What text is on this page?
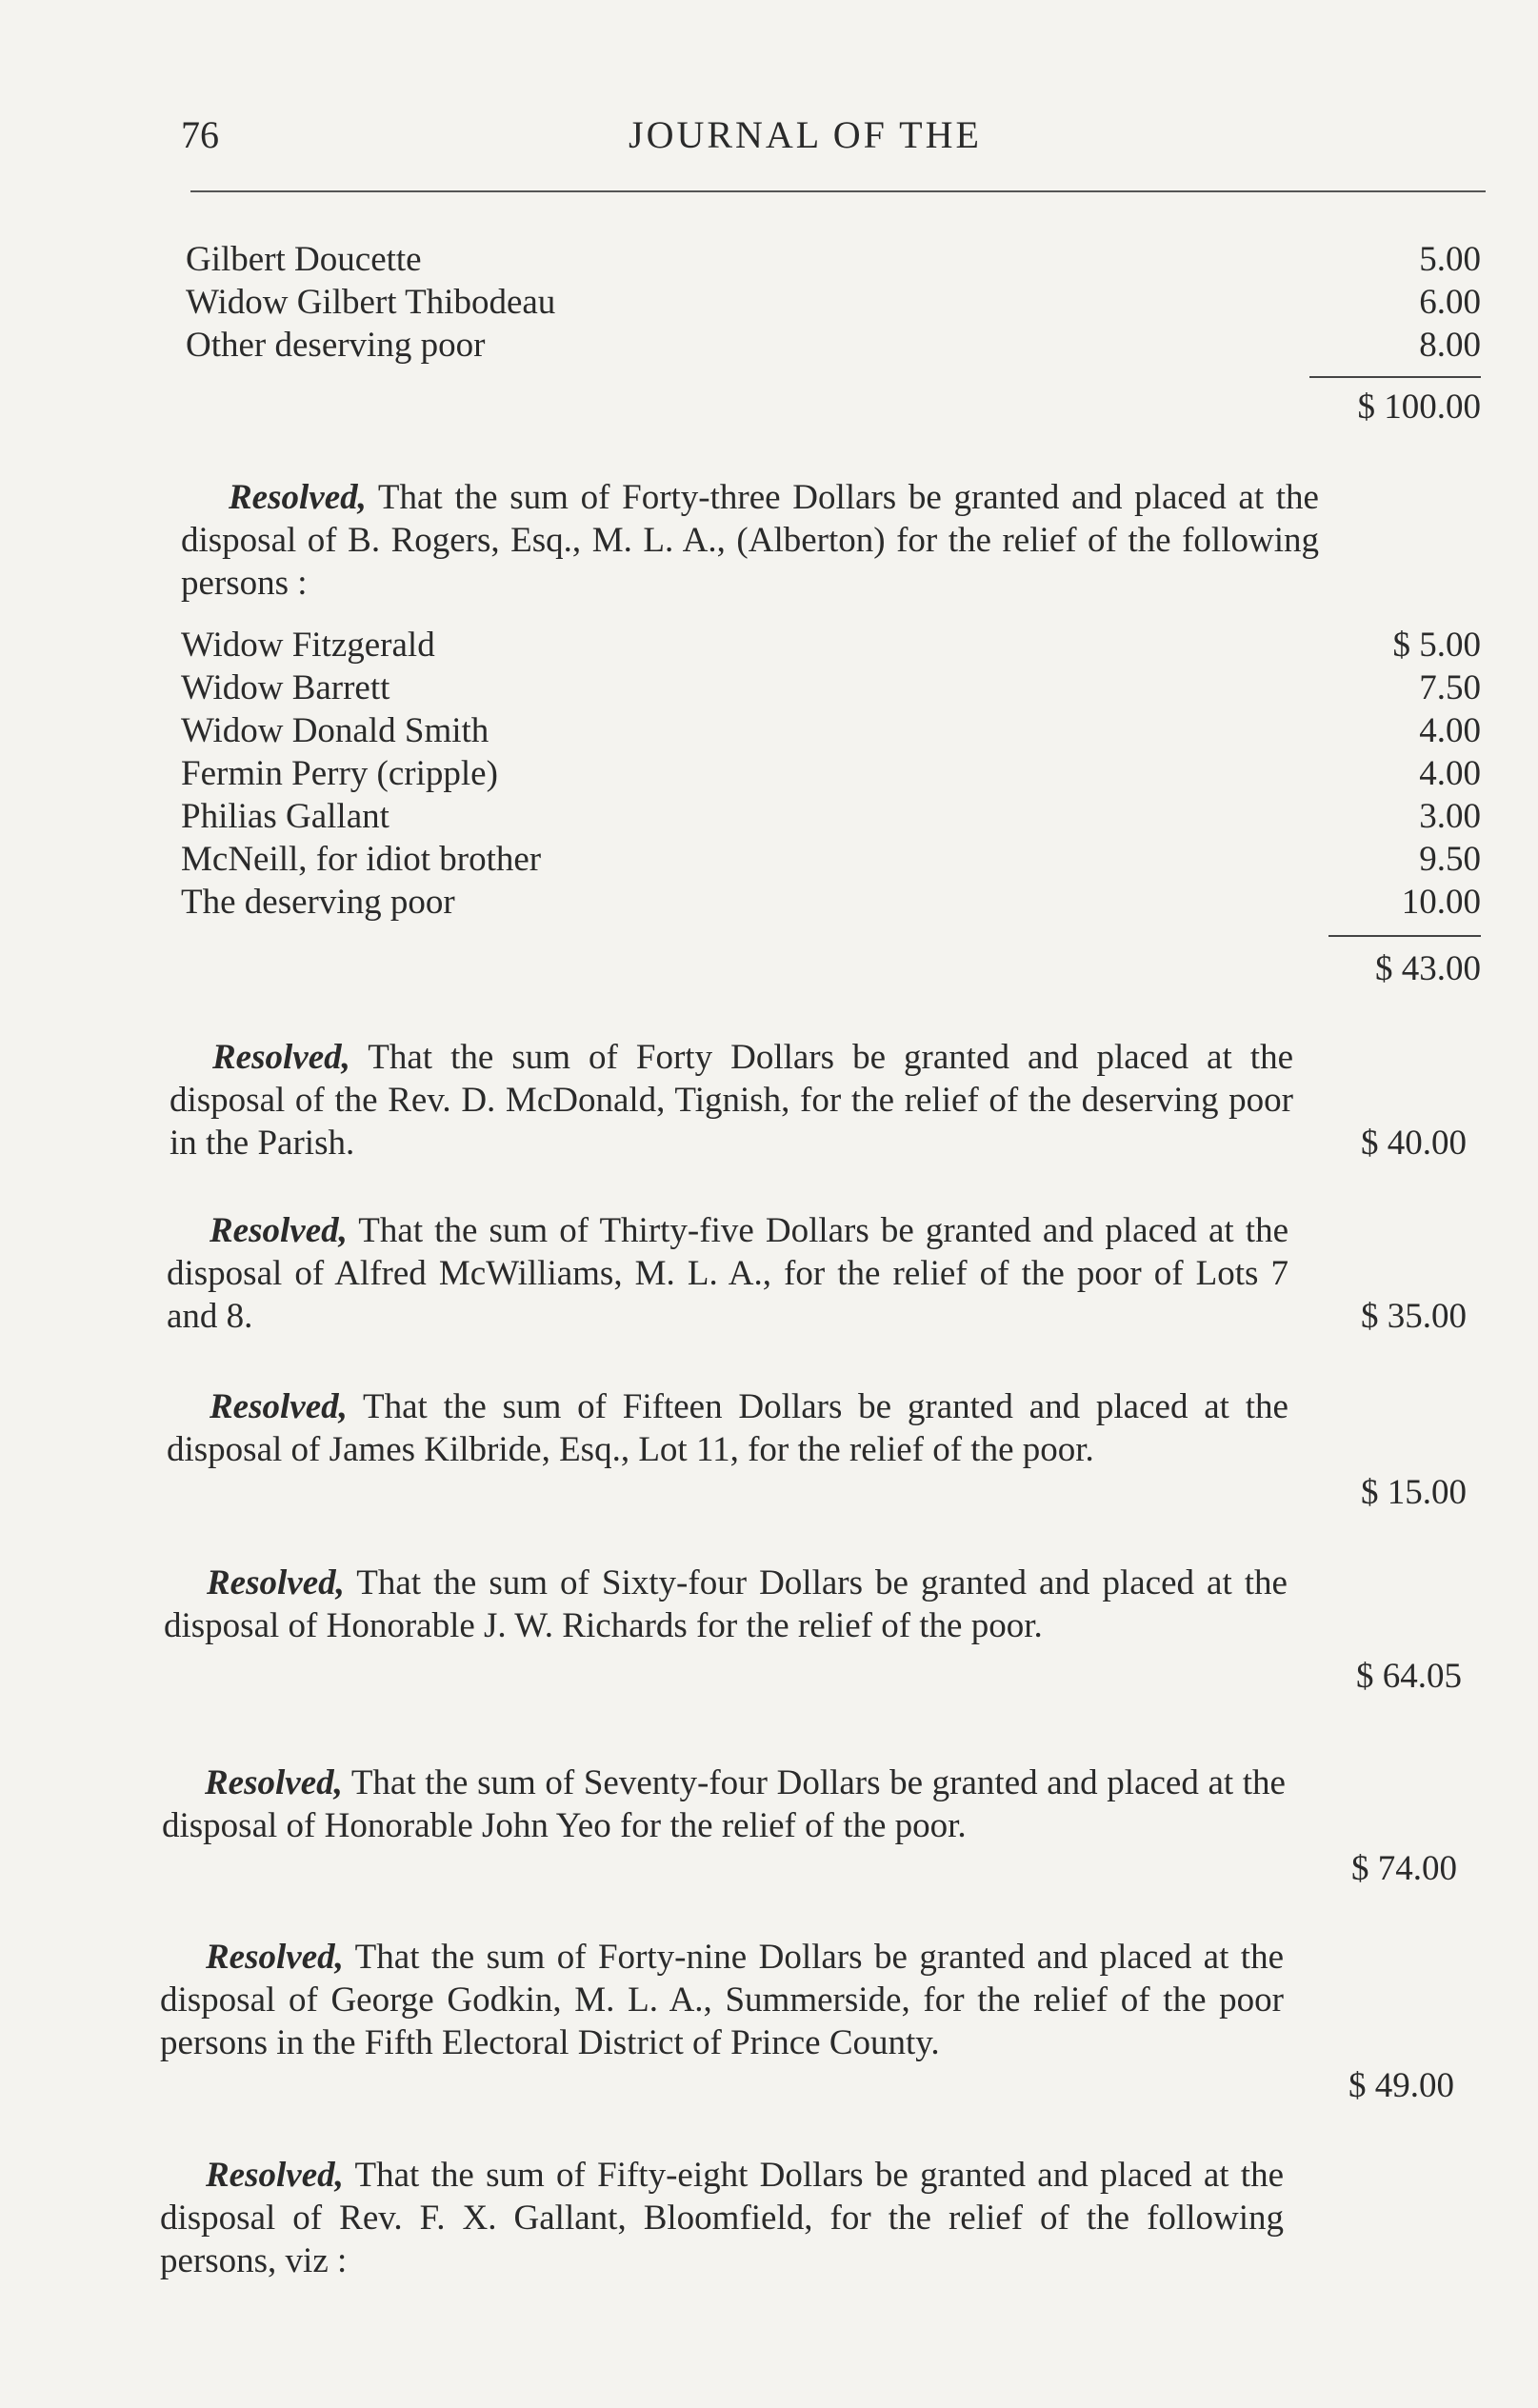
76	JOURNAL OF THE
Gilbert Doucette	5.00
Widow Gilbert Thibodeau	6.00
Other deserving poor	8.00
$ 100.00
Resolved, That the sum of Forty-three Dollars be granted and placed at the disposal of B. Rogers, Esq., M. L. A., (Alberton) for the relief of the following persons :
Widow Fitzgerald	$ 5.00
Widow Barrett	7.50
Widow Donald Smith	4.00
Fermin Perry (cripple)	4.00
Philias Gallant	3.00
McNeill, for idiot brother	9.50
The deserving poor	10.00
$ 43.00
Resolved, That the sum of Forty Dollars be granted and placed at the disposal of the Rev. D. McDonald, Tignish, for the relief of the deserving poor in the Parish.	$ 40.00
Resolved, That the sum of Thirty-five Dollars be granted and placed at the disposal of Alfred McWilliams, M. L. A., for the relief of the poor of Lots 7 and 8.	$ 35.00
Resolved, That the sum of Fifteen Dollars be granted and placed at the disposal of James Kilbride, Esq., Lot 11, for the relief of the poor.
$ 15.00
Resolved, That the sum of Sixty-four Dollars be granted and placed at the disposal of Honorable J. W. Richards for the relief of the poor.
$ 64.05
Resolved, That the sum of Seventy-four Dollars be granted and placed at the disposal of Honorable John Yeo for the relief of the poor.
$ 74.00
Resolved, That the sum of Forty-nine Dollars be granted and placed at the disposal of George Godkin, M. L. A., Summerside, for the relief of the poor persons in the Fifth Electoral District of Prince County.
$ 49.00
Resolved, That the sum of Fifty-eight Dollars be granted and placed at the disposal of Rev. F. X. Gallant, Bloomfield, for the relief of the following persons, viz :
